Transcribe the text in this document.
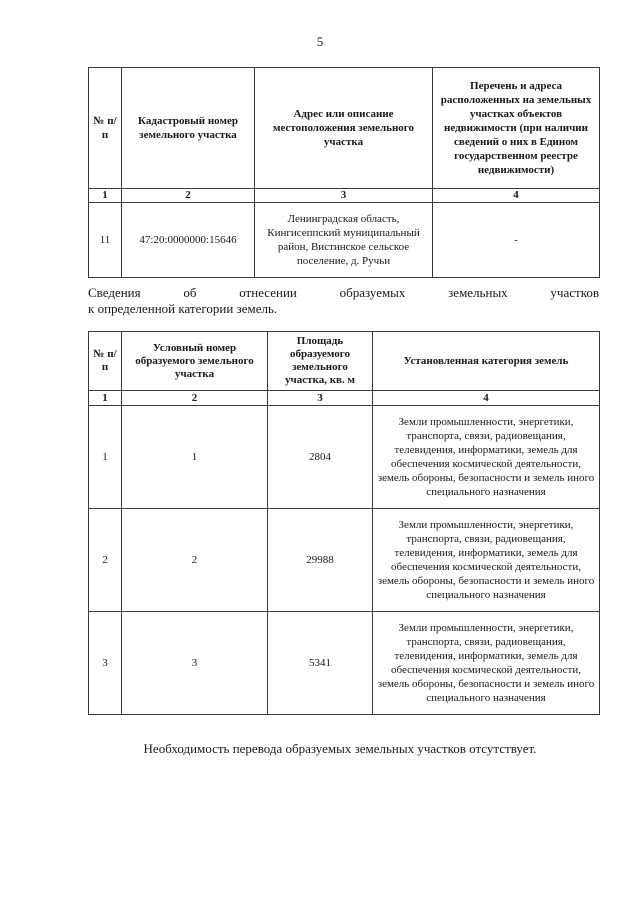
5
№ п/п	Кадастровый номер земельного участка	Адрес или описание местоположения земельного участка	Перечень и адреса расположенных на земельных участках объектов недвижимости (при наличии сведений о них в Едином государственном реестре недвижимости)
1	2	3	4
11	47:20:0000000:15646	Ленинградская область, Кингисеппский муниципальный район, Вистинское сельское поселение, д. Ручьи	-
Сведения об отнесении образуемых земельных участков
к определенной категории земель.
№ п/п	Условный номер образуемого земельного участка	Площадь образуемого земельного участка, кв. м	Установленная категория земель
1	2	3	4
1	1	2804	Земли промышленности, энергетики, транспорта, связи, радиовещания, телевидения, информатики, земель для обеспечения космической деятельности, земель обороны, безопасности и земель иного специального назначения
2	2	29988	Земли промышленности, энергетики, транспорта, связи, радиовещания, телевидения, информатики, земель для обеспечения космической деятельности, земель обороны, безопасности и земель иного специального назначения
3	3	5341	Земли промышленности, энергетики, транспорта, связи, радиовещания, телевидения, информатики, земель для обеспечения космической деятельности, земель обороны, безопасности и земель иного специального назначения
Необходимость перевода образуемых земельных участков отсутствует.
